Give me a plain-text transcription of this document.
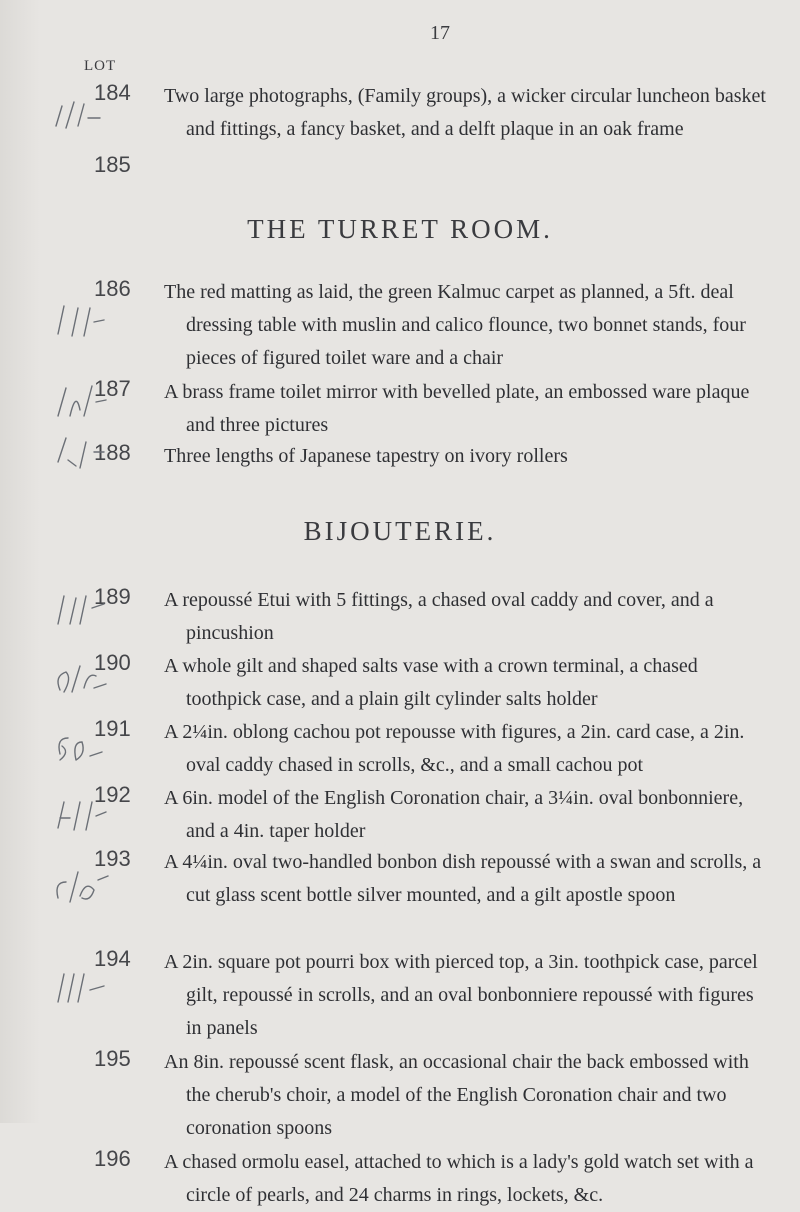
17
LOT
184	Two large photographs, (Family groups), a wicker circular luncheon basket and fittings, a fancy basket, and a delft plaque in an oak frame
185
THE TURRET ROOM.
186	The red matting as laid, the green Kalmuc carpet as planned, a 5ft. deal dressing table with muslin and calico flounce, two bonnet stands, four pieces of figured toilet ware and a chair
187	A brass frame toilet mirror with bevelled plate, an embossed ware plaque and three pictures
188	Three lengths of Japanese tapestry on ivory rollers
BIJOUTERIE.
189	A repoussé Etui with 5 fittings, a chased oval caddy and cover, and a pincushion
190	A whole gilt and shaped salts vase with a crown terminal, a chased toothpick case, and a plain gilt cylinder salts holder
191	A 2¼in. oblong cachou pot repousse with figures, a 2in. card case, a 2in. oval caddy chased in scrolls, &c., and a small cachou pot
192	A 6in. model of the English Coronation chair, a 3¼in. oval bonbonniere, and a 4in. taper holder
193	A 4¼in. oval two-handled bonbon dish repoussé with a swan and scrolls, a cut glass scent bottle silver mounted, and a gilt apostle spoon
194	A 2in. square pot pourri box with pierced top, a 3in. toothpick case, parcel gilt, repoussé in scrolls, and an oval bonbonniere repoussé with figures in panels
195	An 8in. repoussé scent flask, an occasional chair the back embossed with the cherub's choir, a model of the English Coronation chair and two coronation spoons
196	A chased ormolu easel, attached to which is a lady's gold watch set with a circle of pearls, and 24 charms in rings, lockets, &c.
